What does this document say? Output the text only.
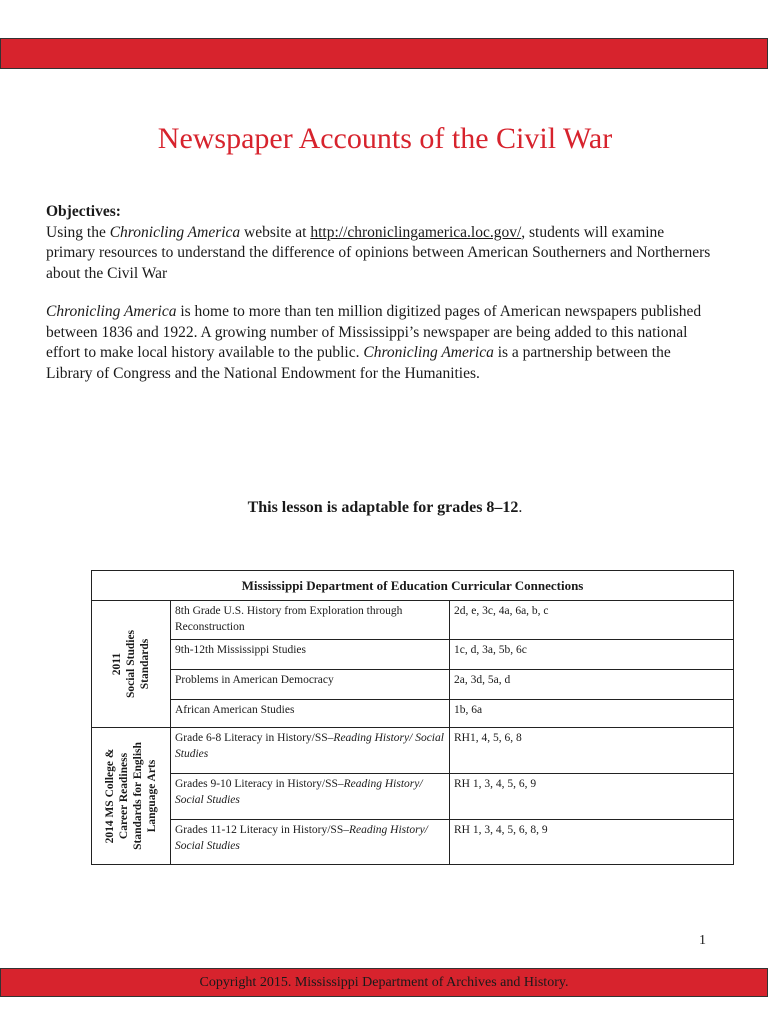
Newspaper Accounts of the Civil War
Objectives:
Using the Chronicling America website at http://chroniclingamerica.loc.gov/, students will examine primary resources to understand the difference of opinions between American Southerners and Northerners about the Civil War
Chronicling America is home to more than ten million digitized pages of American newspapers published between 1836 and 1922. A growing number of Mississippi’s newspaper are being added to this national effort to make local history available to the public. Chronicling America is a partnership between the Library of Congress and the National Endowment for the Humanities.
This lesson is adaptable for grades 8–12.
Mississippi Department of Education Curricular Connections		

2011 Social Studies Standards	8th Grade U.S. History from Exploration through Reconstruction	2d, e, 3c, 4a, 6a, b, c
	9th-12th Mississippi Studies	1c, d, 3a, 5b, 6c
	Problems in American Democracy	2a, 3d, 5a, d
	African American Studies	1b, 6a

2014 MS College & Career Readiness Standards for English Language Arts	Grade 6-8 Literacy in History/SS–Reading History/ Social Studies	RH1, 4, 5, 6, 8
	Grades 9-10 Literacy in History/SS–Reading History/ Social Studies	RH 1, 3, 4, 5, 6, 9
	Grades 11-12 Literacy in History/SS–Reading History/ Social Studies	RH 1, 3, 4, 5, 6, 8, 9
1
Copyright 2015. Mississippi Department of Archives and History.
